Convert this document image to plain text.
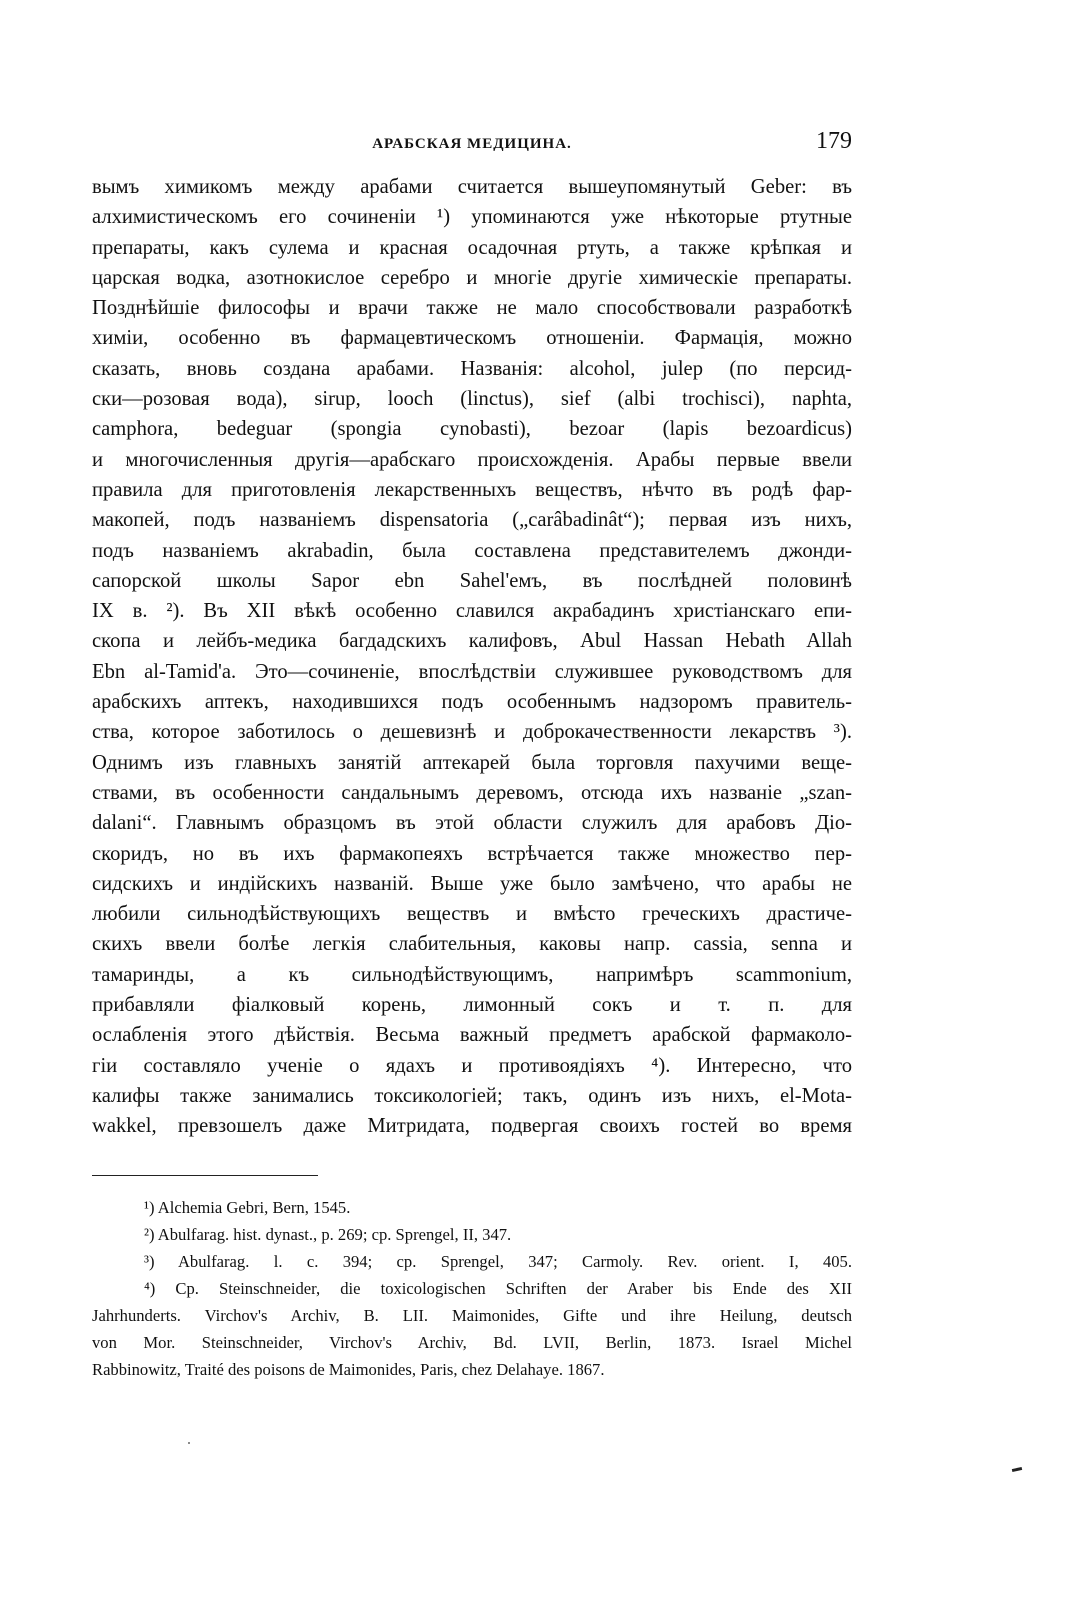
АРАБСКАЯ МЕДИЦИНА.	179
вымъ химикомъ между арабами считается вышеупомянутый Geber: въ
алхимистическомъ его сочиненіи ¹) упоминаются уже нѣкоторые ртутные
препараты, какъ сулема и красная осадочная ртуть, а также крѣпкая и
царская водка, азотнокислое серебро и многіе другіе химическіе препараты.
Позднѣйшіе философы и врачи также не мало способствовали разработкѣ
химіи, особенно въ фармацевтическомъ отношеніи. Фармація, можно
сказать, вновь создана арабами. Названія: alcohol, julep (по персид-
ски—розовая вода), sirup, looch (linctus), sief (albi trochisci), naphta,
camphora, bedeguar (spongia cynobasti), bezoar (lapis bezoardicus)
и многочисленныя другія—арабскаго происхожденія. Арабы первые ввели
правила для приготовленія лекарственныхъ веществъ, нѣчто въ родѣ фар-
макопей, подъ названіемъ dispensatoria („carâbadinât“); первая изъ нихъ,
подъ названіемъ akrabadin, была составлена представителемъ джонди-
сапорской школы Sapor ebn Sahel'емъ, въ послѣдней половинѣ
IX в. ²). Въ XII вѣкѣ особенно славился акрабадинъ христіанскаго епи-
скопа и лейбъ-медика багдадскихъ калифовъ, Abul Hassan Hebath Allah
Ebn al-Tamid'а. Это—сочиненіе, впослѣдствіи служившее руководствомъ для
арабскихъ аптекъ, находившихся подъ особеннымъ надзоромъ правитель-
ства, которое заботилось о дешевизнѣ и доброкачественности лекарствъ ³).
Однимъ изъ главныхъ занятій аптекарей была торговля пахучими веще-
ствами, въ особенности сандальнымъ деревомъ, отсюда ихъ названіе „szan-
dalani“. Главнымъ образцомъ въ этой области служилъ для арабовъ Діо-
скоридъ, но въ ихъ фармакопеяхъ встрѣчается также множество пер-
сидскихъ и индійскихъ названій. Выше уже было замѣчено, что арабы не
любили сильнодѣйствующихъ веществъ и вмѣсто греческихъ драстиче-
скихъ ввели болѣе легкія слабительныя, каковы напр. cassia, senna и
тамаринды, а къ сильнодѣйствующимъ, напримѣръ scammonium,
прибавляли фіалковый корень, лимонный сокъ и т. п. для
ослабленія этого дѣйствія. Весьма важный предметъ арабской фармаколо-
гіи составляло ученіе о ядахъ и противоядіяхъ ⁴). Интересно, что
калифы также занимались токсикологіей; такъ, одинъ изъ нихъ, el-Mota-
wakkel, превзошелъ даже Митридата, подвергая своихъ гостей во время
¹) Alchemia Gebri, Bern, 1545.
²) Abulfarag. hist. dynast., p. 269; ср. Sprengel, II, 347.
³) Abulfarag. l. c. 394; ср. Sprengel, 347; Carmoly. Rev. orient. I, 405.
⁴) Ср. Steinschneider, die toxicologischen Schriften der Araber bis Ende des XII
Jahrhunderts. Virchov's Archiv, B. LII. Maimonides, Gifte und ihre Heilung, deutsch
von Mor. Steinschneider, Virchov's Archiv, Bd. LVII, Berlin, 1873. Israel Michel
Rabbinowitz, Traité des poisons de Maimonides, Paris, chez Delahaye. 1867.
